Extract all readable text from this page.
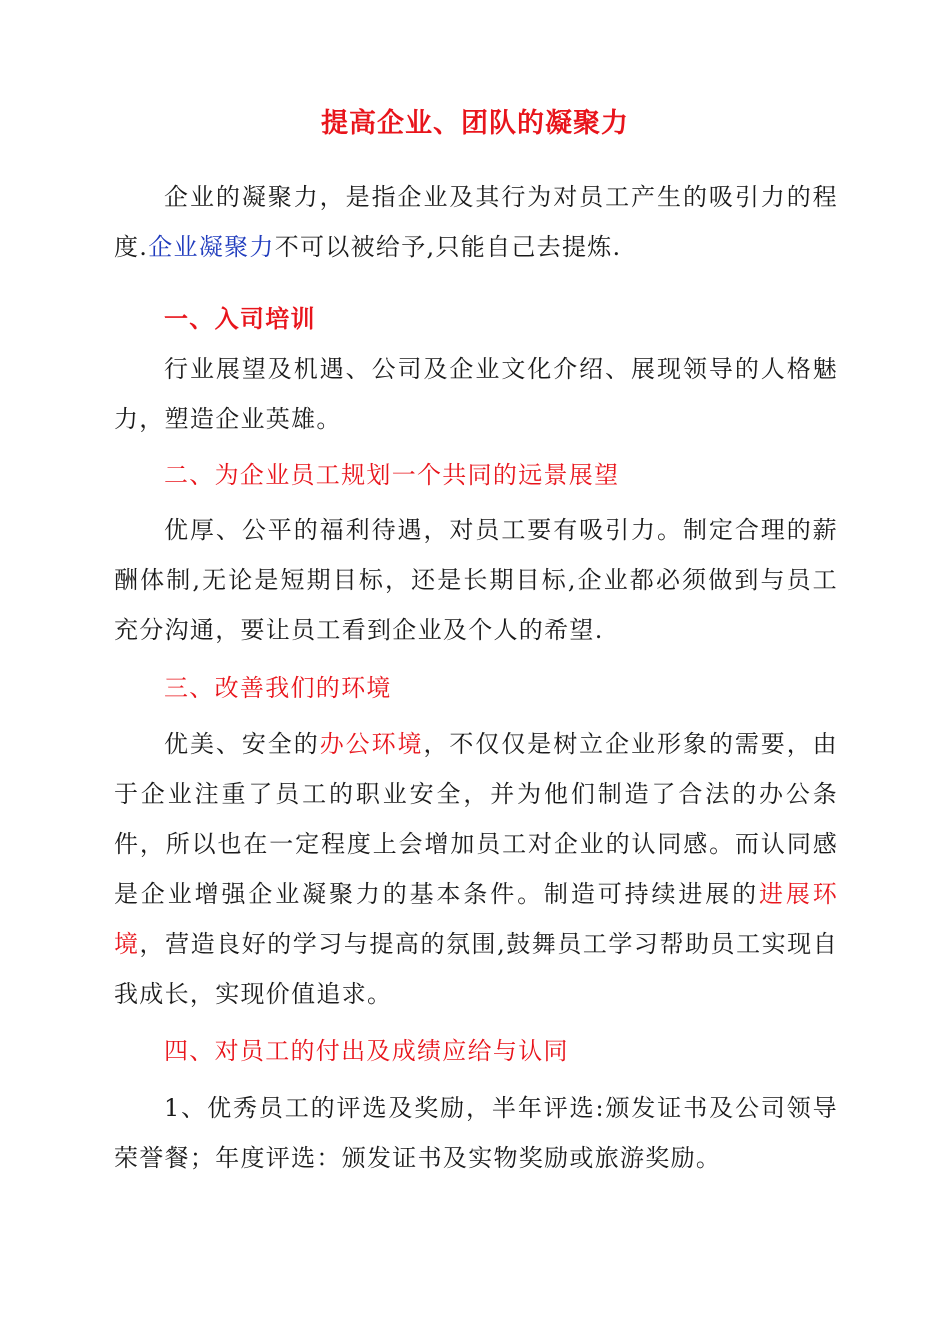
提高企业、团队的凝聚力
企业的凝聚力，是指企业及其行为对员工产生的吸引力的程度.企业凝聚力不可以被给予,只能自己去提炼.
一、入司培训
行业展望及机遇、公司及企业文化介绍、展现领导的人格魅力，塑造企业英雄。
二、为企业员工规划一个共同的远景展望
优厚、公平的福利待遇，对员工要有吸引力。制定合理的薪酬体制,无论是短期目标，还是长期目标,企业都必须做到与员工充分沟通，要让员工看到企业及个人的希望.
三、改善我们的环境
优美、安全的办公环境，不仅仅是树立企业形象的需要，由于企业注重了员工的职业安全，并为他们制造了合法的办公条件，所以也在一定程度上会增加员工对企业的认同感。而认同感是企业增强企业凝聚力的基本条件。制造可持续进展的进展环境，营造良好的学习与提高的氛围,鼓舞员工学习帮助员工实现自我成长，实现价值追求。
四、对员工的付出及成绩应给与认同
1、优秀员工的评选及奖励，半年评选:颁发证书及公司领导荣誉餐；年度评选：颁发证书及实物奖励或旅游奖励。
